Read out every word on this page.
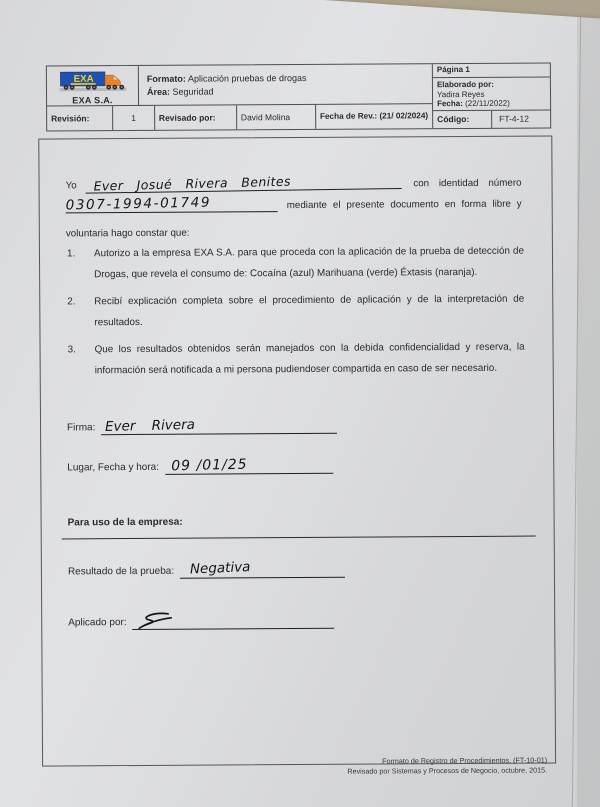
EXA
EXA S.A.
Formato: Aplicación pruebas de drogas
Área: Seguridad
Revisión:	1	Revisado por:	David Molina	Fecha de Rev.:
(21/ 02/2024)
Página 1
Elaborado por:
Yadira Reyes
Fecha: (22/11/2022)
Código:	FT-4-12
Yo	Ever Josué Rivera Benites	con identidad número
0307-1994-01749	mediante el presente documento en forma libre y
voluntaria hago constar que:
1.	Autorizo a la empresa EXA S.A. para que proceda con la aplicación de la prueba de detección de Drogas, que revela el consumo de: Cocaína (azul) Marihuana (verde) Éxtasis (naranja).
2.	Recibí explicación completa sobre el procedimiento de aplicación y de la interpretación de resultados.
3.	Que los resultados obtenidos serán manejados con la debida confidencialidad y reserva, la información será notificada a mi persona pudiendoser compartida en caso de ser necesario.
Firma: Ever Rivera
Lugar, Fecha y hora: 09 /01/25
Para uso de la empresa:
Resultado de la prueba:	Negativa
Aplicado por:
Formato de Registro de Procedimientos. (FT-10-01)
Revisado por Sistemas y Procesos de Negocio, octubre, 2015.
